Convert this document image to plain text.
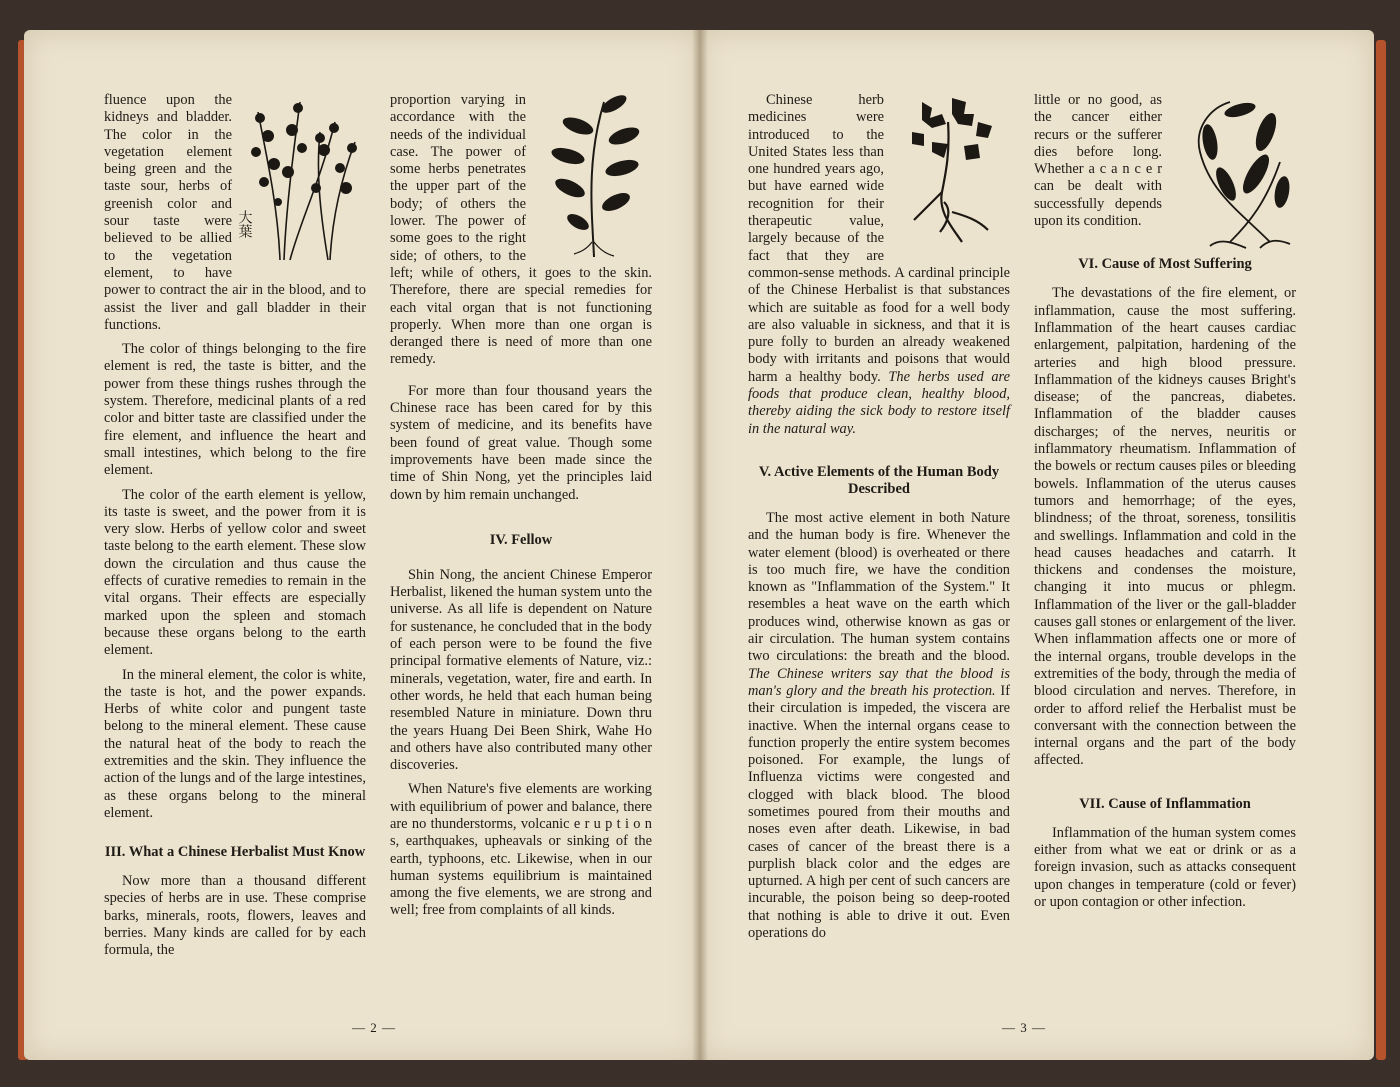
大葉

fluence upon the kidneys and bladder. The color in the vegetation element being green and the taste sour, herbs of greenish color and sour taste were believed to be allied to the vegetation element, to have power to contract the air in the blood, and to assist the liver and gall bladder in their functions.

The color of things belonging to the fire element is red, the taste is bitter, and the power from these things rushes through the system. Therefore, medicinal plants of a red color and bitter taste are classified under the fire element, and influence the heart and small intestines, which belong to the fire element.

The color of the earth element is yellow, its taste is sweet, and the power from it is very slow. Herbs of yellow color and sweet taste belong to the earth element. These slow down the circulation and thus cause the effects of curative remedies to remain in the vital organs. Their effects are especially marked upon the spleen and stomach because these organs belong to the earth element.

In the mineral element, the color is white, the taste is hot, and the power expands. Herbs of white color and pungent taste belong to the mineral element. These cause the natural heat of the body to reach the extremities and the skin. They influence the action of the lungs and of the large intestines, as these organs belong to the mineral element.

III. What a Chinese Herbalist Must Know

Now more than a thousand different species of herbs are in use. These comprise barks, minerals, roots, flowers, leaves and berries. Many kinds are called for by each formula, the

proportion varying in accordance with the needs of the individual case. The power of some herbs penetrates the upper part of the body; of others the lower. The power of some goes to the right side; of others, to the left; while of others, it goes to the skin. Therefore, there are special remedies for each vital organ that is not functioning properly. When more than one organ is deranged there is need of more than one remedy.

For more than four thousand years the Chinese race has been cared for by this system of medicine, and its benefits have been found of great value. Though some improvements have been made since the time of Shin Nong, yet the principles laid down by him remain unchanged.

IV. Fellow

Shin Nong, the ancient Chinese Emperor Herbalist, likened the human system unto the universe. As all life is dependent on Nature for sustenance, he concluded that in the body of each person were to be found the five principal formative elements of Nature, viz.: minerals, vegetation, water, fire and earth. In other words, he held that each human being resembled Nature in miniature. Down thru the years Huang Dei Been Shirk, Wahe Ho and others have also contributed many other discoveries.

When Nature's five elements are working with equilibrium of power and balance, there are no thunderstorms, volcanic e r u p t i o n s, earthquakes, upheavals or sinking of the earth, typhoons, etc. Likewise, when in our human systems equilibrium is maintained among the five elements, we are strong and well; free from complaints of all kinds.

— 2 —

Chinese herb medicines were introduced to the United States less than one hundred years ago, but have earned wide recognition for their therapeutic value, largely because of the fact that they are common-sense methods. A cardinal principle of the Chinese Herbalist is that substances which are suitable as food for a well body are also valuable in sickness, and that it is pure folly to burden an already weakened body with irritants and poisons that would harm a healthy body. The herbs used are foods that produce clean, healthy blood, thereby aiding the sick body to restore itself in the natural way.

V. Active Elements of the Human Body Described

The most active element in both Nature and the human body is fire. Whenever the water element (blood) is overheated or there is too much fire, we have the condition known as "Inflammation of the System." It resembles a heat wave on the earth which produces wind, otherwise known as gas or air circulation. The human system contains two circulations: the breath and the blood. The Chinese writers say that the blood is man's glory and the breath his protection. If their circulation is impeded, the viscera are inactive. When the internal organs cease to function properly the entire system becomes poisoned. For example, the lungs of Influenza victims were congested and clogged with black blood. The blood sometimes poured from their mouths and noses even after death. Likewise, in bad cases of cancer of the breast there is a purplish black color and the edges are upturned. A high per cent of such cancers are incurable, the poison being so deep-rooted that nothing is able to drive it out. Even operations do

little or no good, as the cancer either recurs or the sufferer dies before long. Whether a c a n c e r can be dealt with successfully depends upon its condition.

VI. Cause of Most Suffering

The devastations of the fire element, or inflammation, cause the most suffering. Inflammation of the heart causes cardiac enlargement, palpitation, hardening of the arteries and high blood pressure. Inflammation of the kidneys causes Bright's disease; of the pancreas, diabetes. Inflammation of the bladder causes discharges; of the nerves, neuritis or inflammatory rheumatism. Inflammation of the bowels or rectum causes piles or bleeding bowels. Inflammation of the uterus causes tumors and hemorrhage; of the eyes, blindness; of the throat, soreness, tonsilitis and swellings. Inflammation and cold in the head causes headaches and catarrh. It thickens and condenses the moisture, changing it into mucus or phlegm. Inflammation of the liver or the gall-bladder causes gall stones or enlargement of the liver. When inflammation affects one or more of the internal organs, trouble develops in the extremities of the body, through the media of blood circulation and nerves. Therefore, in order to afford relief the Herbalist must be conversant with the connection between the internal organs and the part of the body affected.

VII. Cause of Inflammation

Inflammation of the human system comes either from what we eat or drink or as a foreign invasion, such as attacks consequent upon changes in temperature (cold or fever) or upon contagion or other infection.

— 3 —
